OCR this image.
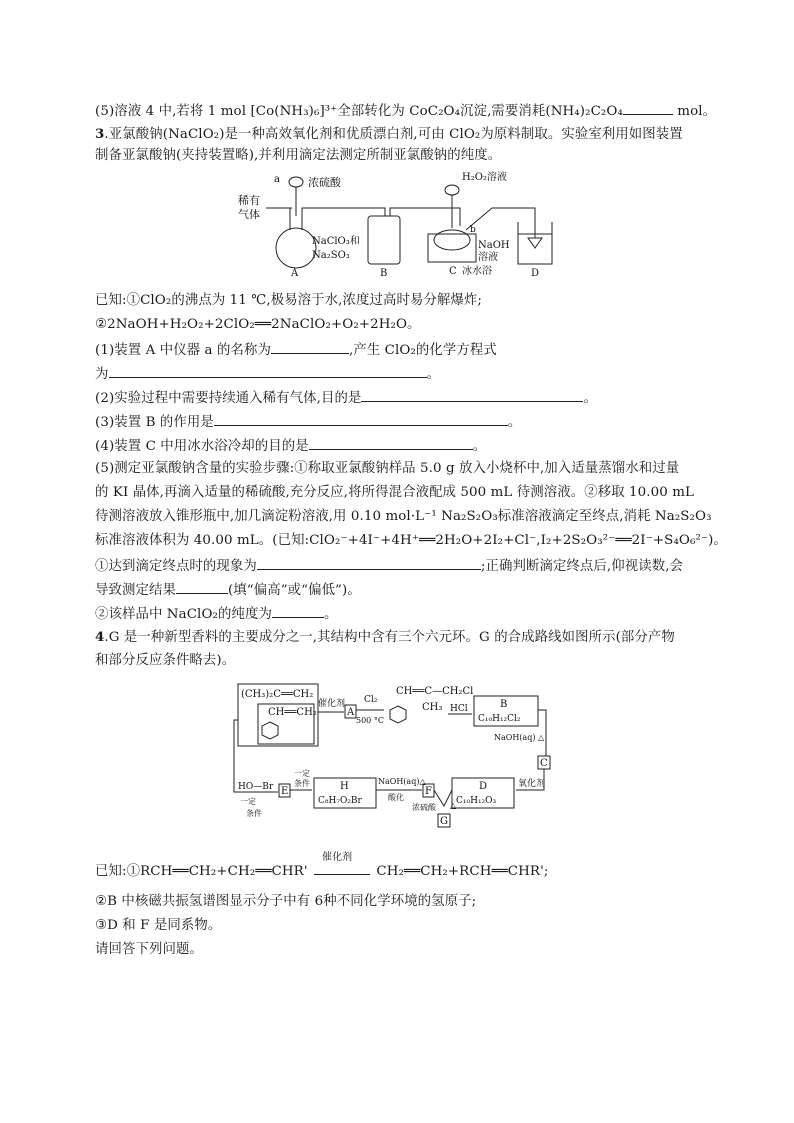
(5)溶液 4 中,若将 1 mol [Co(NH₃)₆]³⁺全部转化为 CoC₂O₄沉淀,需要消耗(NH₄)₂C₂O₄	mol。
3.亚氯酸钠(NaClO₂)是一种高效氧化剂和优质漂白剂,可由 ClO₂为原料制取。实验室利用如图装置
制备亚氯酸钠(夹持装置略),并利用滴定法测定所制亚氯酸钠的纯度。
稀有
气体
a	浓硫酸
NaClO₃和
Na₂SO₃
A	B
H₂O₂溶液
b
NaOH
溶液
冰水浴
C	D
已知:①ClO₂的沸点为 11 ℃,极易溶于水,浓度过高时易分解爆炸;
②2NaOH+H₂O₂+2ClO₂══2NaClO₂+O₂+2H₂O。
(1)装置 A 中仪器 a 的名称为	,产生 ClO₂的化学方程式
为	。
(2)实验过程中需要持续通入稀有气体,目的是	。
(3)装置 B 的作用是	。
(4)装置 C 中用冰水浴冷却的目的是	。
(5)测定亚氯酸钠含量的实验步骤:①称取亚氯酸钠样品 5.0 g 放入小烧杯中,加入适量蒸馏水和过量
的 KI 晶体,再滴入适量的稀硫酸,充分反应,将所得混合液配成 500 mL 待测溶液。②移取 10.00 mL
待测溶液放入锥形瓶中,加几滴淀粉溶液,用 0.10 mol·L⁻¹ Na₂S₂O₃标准溶液滴定至终点,消耗 Na₂S₂O₃
标准溶液体积为 40.00 mL。(已知:ClO₂⁻+4I⁻+4H⁺══2H₂O+2I₂+Cl⁻,I₂+2S₂O₃²⁻══2I⁻+S₄O₆²⁻)。
①达到滴定终点时的现象为	;正确判断滴定终点后,仰视读数,会
导致测定结果	(填“偏高”或“偏低”)。
②该样品中 NaClO₂的纯度为	。
4.G 是一种新型香料的主要成分之一,其结构中含有三个六元环。G 的合成路线如图所示(部分产物
和部分反应条件略去)。
(CH₃)₂C══CH₂
CH══CH₂
催化剂
A
Cl₂
500 °C
CH══C—CH₂Cl
CH₃ HCl	B
C₁₀H₁₂Cl₂
NaOH(aq) △
C
氧化剂
D
C₁₀H₁₂O₃
HO—Br
一定
条件
E
一定
条件	H
C₈H₇O₂Br
NaOH(aq)△
酸化
F
浓硫酸 △
G
已知:①RCH══CH₂+CH₂══CHR'
催化剂
CH₂══CH₂+RCH══CHR';
②B 中核磁共振氢谱图显示分子中有 6种不同化学环境的氢原子;
③D 和 F 是同系物。
请回答下列问题。
